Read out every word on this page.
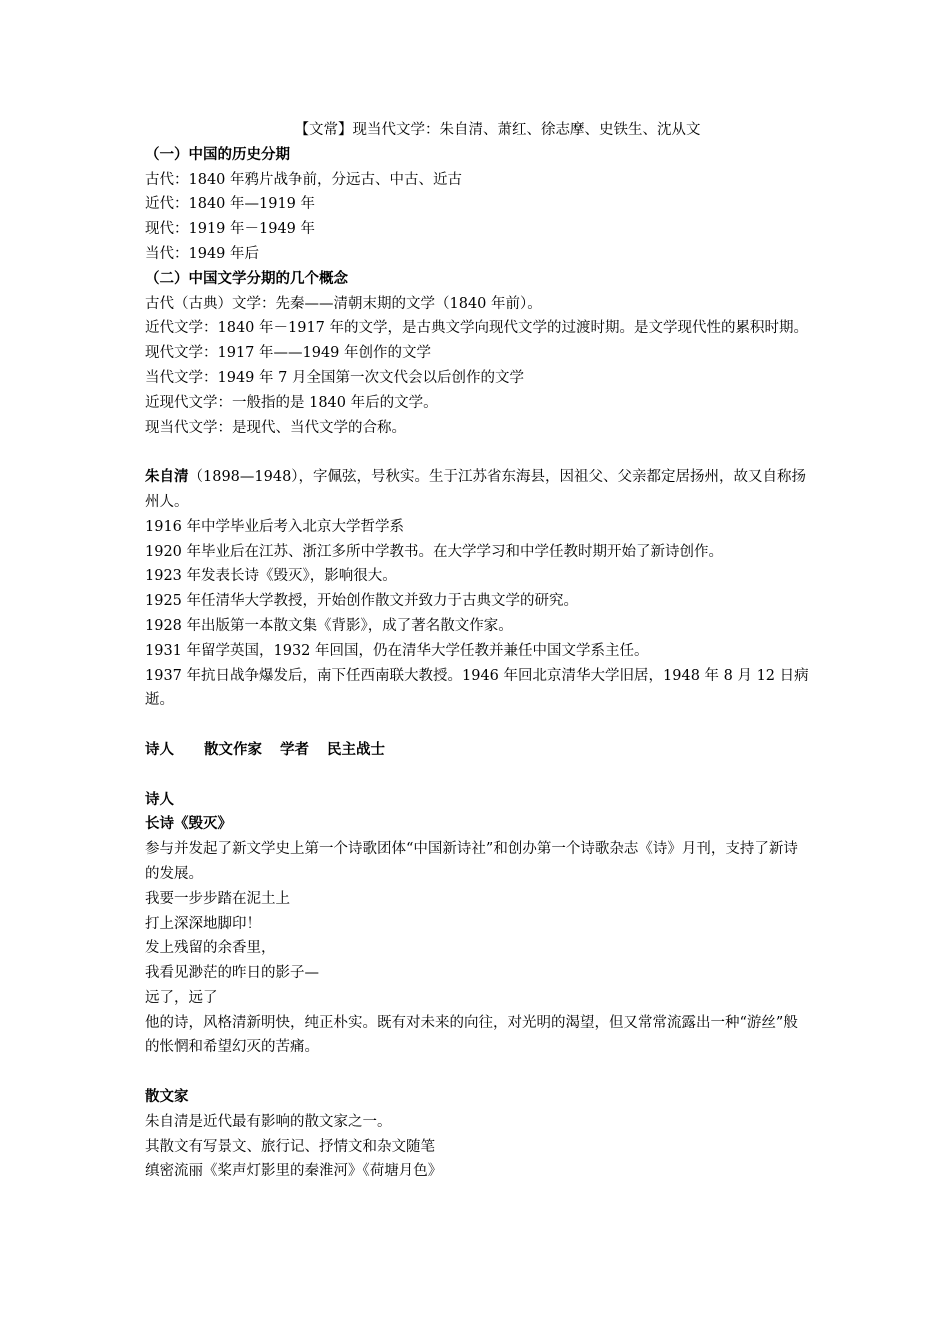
【文常】现当代文学：朱自清、萧红、徐志摩、史铁生、沈从文
（一）中国的历史分期
古代：1840 年鸦片战争前，分远古、中古、近古
近代：1840 年—1919 年
现代：1919 年－1949 年
当代：1949 年后
（二）中国文学分期的几个概念
古代（古典）文学：先秦——清朝末期的文学（1840 年前）。
近代文学：1840 年－1917 年的文学，是古典文学向现代文学的过渡时期。是文学现代性的累积时期。
现代文学：1917 年——1949 年创作的文学
当代文学：1949 年 7 月全国第一次文代会以后创作的文学
近现代文学：一般指的是 1840 年后的文学。
现当代文学：是现代、当代文学的合称。
朱自清（1898—1948），字佩弦，号秋实。生于江苏省东海县，因祖父、父亲都定居扬州，故又自称扬州人。
1916 年中学毕业后考入北京大学哲学系
1920 年毕业后在江苏、浙江多所中学教书。在大学学习和中学任教时期开始了新诗创作。
1923 年发表长诗《毁灭》，影响很大。
1925 年任清华大学教授，开始创作散文并致力于古典文学的研究。
1928 年出版第一本散文集《背影》，成了著名散文作家。
1931 年留学英国，1932 年回国，仍在清华大学任教并兼任中国文学系主任。
1937 年抗日战争爆发后，南下任西南联大教授。1946 年回北京清华大学旧居，1948 年 8 月 12 日病逝。
诗人 散文作家 学者 民主战士
诗人
长诗《毁灭》
参与并发起了新文学史上第一个诗歌团体“中国新诗社”和创办第一个诗歌杂志《诗》月刊，支持了新诗的发展。
我要一步步踏在泥土上
打上深深地脚印！
发上残留的余香里，
我看见渺茫的昨日的影子—
远了，远了
他的诗，风格清新明快，纯正朴实。既有对未来的向往，对光明的渴望，但又常常流露出一种“游丝”般的怅惘和希望幻灭的苦痛。
散文家
朱自清是近代最有影响的散文家之一。
其散文有写景文、旅行记、抒情文和杂文随笔
缜密流丽《桨声灯影里的秦淮河》《荷塘月色》
